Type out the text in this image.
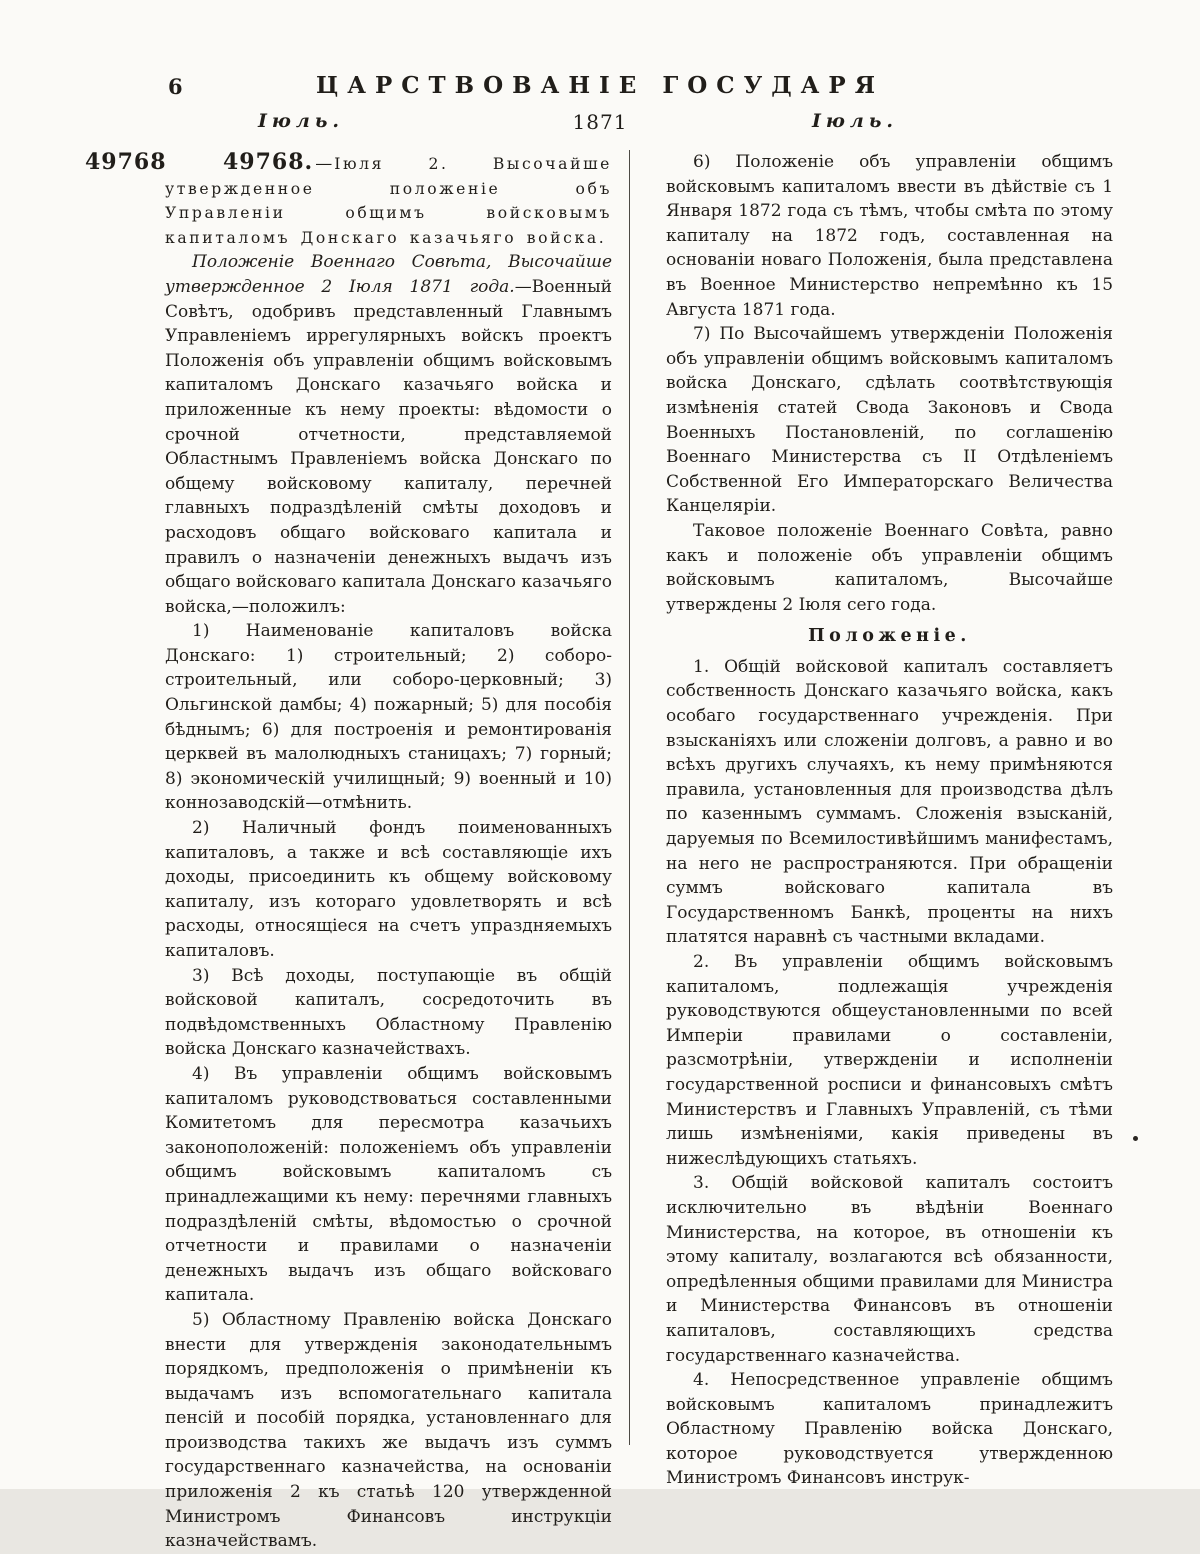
6	ЦАРСТВОВАНІЕ ГОСУДАРЯ
Іюль.	1871	Іюль.

49768 49768. — Іюля 2. Высочайше утвержденное положеніе объ Управленіи общимъ войсковымъ капиталомъ Донскаго казачьяго войска.

Положеніе Военнаго Совѣта, Высочайше утвержденное 2 Іюля 1871 года.—Военный Совѣтъ, одобривъ представленный Главнымъ Управленіемъ иррегулярныхъ войскъ проектъ Положенія объ управленіи общимъ войсковымъ капиталомъ Донскаго казачьяго войска и приложенные къ нему проекты: вѣдомости о срочной отчетности, представляемой Областнымъ Правленіемъ войска Донскаго по общему войсковому капиталу, перечней главныхъ подраздѣленій смѣты доходовъ и расходовъ общаго войсковаго капитала и правилъ о назначеніи денежныхъ выдачъ изъ общаго войсковаго капитала Донскаго казачьяго войска,—положилъ:

1) Наименованіе капиталовъ войска Донскаго: 1) строительный; 2) соборо-строительный, или соборо-церковный; 3) Ольгинской дамбы; 4) пожарный; 5) для пособія бѣднымъ; 6) для построенія и ремонтированія церквей въ малолюдныхъ станицахъ; 7) горный; 8) экономическій училищный; 9) военный и 10) коннозаводскій—отмѣнить.

2) Наличный фондъ поименованныхъ капиталовъ, а также и всѣ составляющіе ихъ доходы, присоединить къ общему войсковому капиталу, изъ котораго удовлетворять и всѣ расходы, относящіеся на счетъ упраздняемыхъ капиталовъ.

3) Всѣ доходы, поступающіе въ общій войсковой капиталъ, сосредоточить въ подвѣдомственныхъ Областному Правленію войска Донскаго казначействахъ.

4) Въ управленіи общимъ войсковымъ капиталомъ руководствоваться составленными Комитетомъ для пересмотра казачьихъ законоположеній: положеніемъ объ управленіи общимъ войсковымъ капиталомъ съ принадлежащими къ нему: перечнями главныхъ подраздѣленій смѣты, вѣдомостью о срочной отчетности и правилами о назначеніи денежныхъ выдачъ изъ общаго войсковаго капитала.

5) Областному Правленію войска Донскаго внести для утвержденія законодательнымъ порядкомъ, предположенія о примѣненіи къ выдачамъ изъ вспомогательнаго капитала пенсій и пособій порядка, установленнаго для производства такихъ же выдачъ изъ суммъ государственнаго казначейства, на основаніи приложенія 2 къ статьѣ 120 утвержденной Министромъ Финансовъ инструкціи казначействамъ.

6) Положеніе объ управленіи общимъ войсковымъ капиталомъ ввести въ дѣйствіе съ 1 Января 1872 года съ тѣмъ, чтобы смѣта по этому капиталу на 1872 годъ, составленная на основаніи новаго Положенія, была представлена въ Военное Министерство непремѣнно къ 15 Августа 1871 года.

7) По Высочайшемъ утвержденіи Положенія объ управленіи общимъ войсковымъ капиталомъ войска Донскаго, сдѣлать соотвѣтствующія измѣненія статей Свода Законовъ и Свода Военныхъ Постановленій, по соглашенію Военнаго Министерства съ II Отдѣленіемъ Собственной Его Императорскаго Величества Канцеляріи.

Таковое положеніе Военнаго Совѣта, равно какъ и положеніе объ управленіи общимъ войсковымъ капиталомъ, Высочайше утверждены 2 Іюля сего года.

Положеніе.

1. Общій войсковой капиталъ составляетъ собственность Донскаго казачьяго войска, какъ особаго государственнаго учрежденія. При взысканіяхъ или сложеніи долговъ, а равно и во всѣхъ другихъ случаяхъ, къ нему примѣняются правила, установленныя для производства дѣлъ по казеннымъ суммамъ. Сложенія взысканій, даруемыя по Всемилостивѣйшимъ манифестамъ, на него не распространяются. При обращеніи суммъ войсковаго капитала въ Государственномъ Банкѣ, проценты на нихъ платятся наравнѣ съ частными вкладами.

2. Въ управленіи общимъ войсковымъ капиталомъ, подлежащія учрежденія руководствуются общеустановленными по всей Имперіи правилами о составленіи, разсмотрѣніи, утвержденіи и исполненіи государственной росписи и финансовыхъ смѣтъ Министерствъ и Главныхъ Управленій, съ тѣми лишь измѣненіями, какія приведены въ нижеслѣдующихъ статьяхъ.

3. Общій войсковой капиталъ состоитъ исключительно въ вѣдѣніи Военнаго Министерства, на которое, въ отношеніи къ этому капиталу, возлагаются всѣ обязанности, опредѣленныя общими правилами для Министра и Министерства Финансовъ въ отношеніи капиталовъ, составляющихъ средства государственнаго казначейства.

4. Непосредственное управленіе общимъ войсковымъ капиталомъ принадлежитъ Областному Правленію войска Донскаго, которое руководствуется утвержденною Министромъ Финансовъ инструк-
